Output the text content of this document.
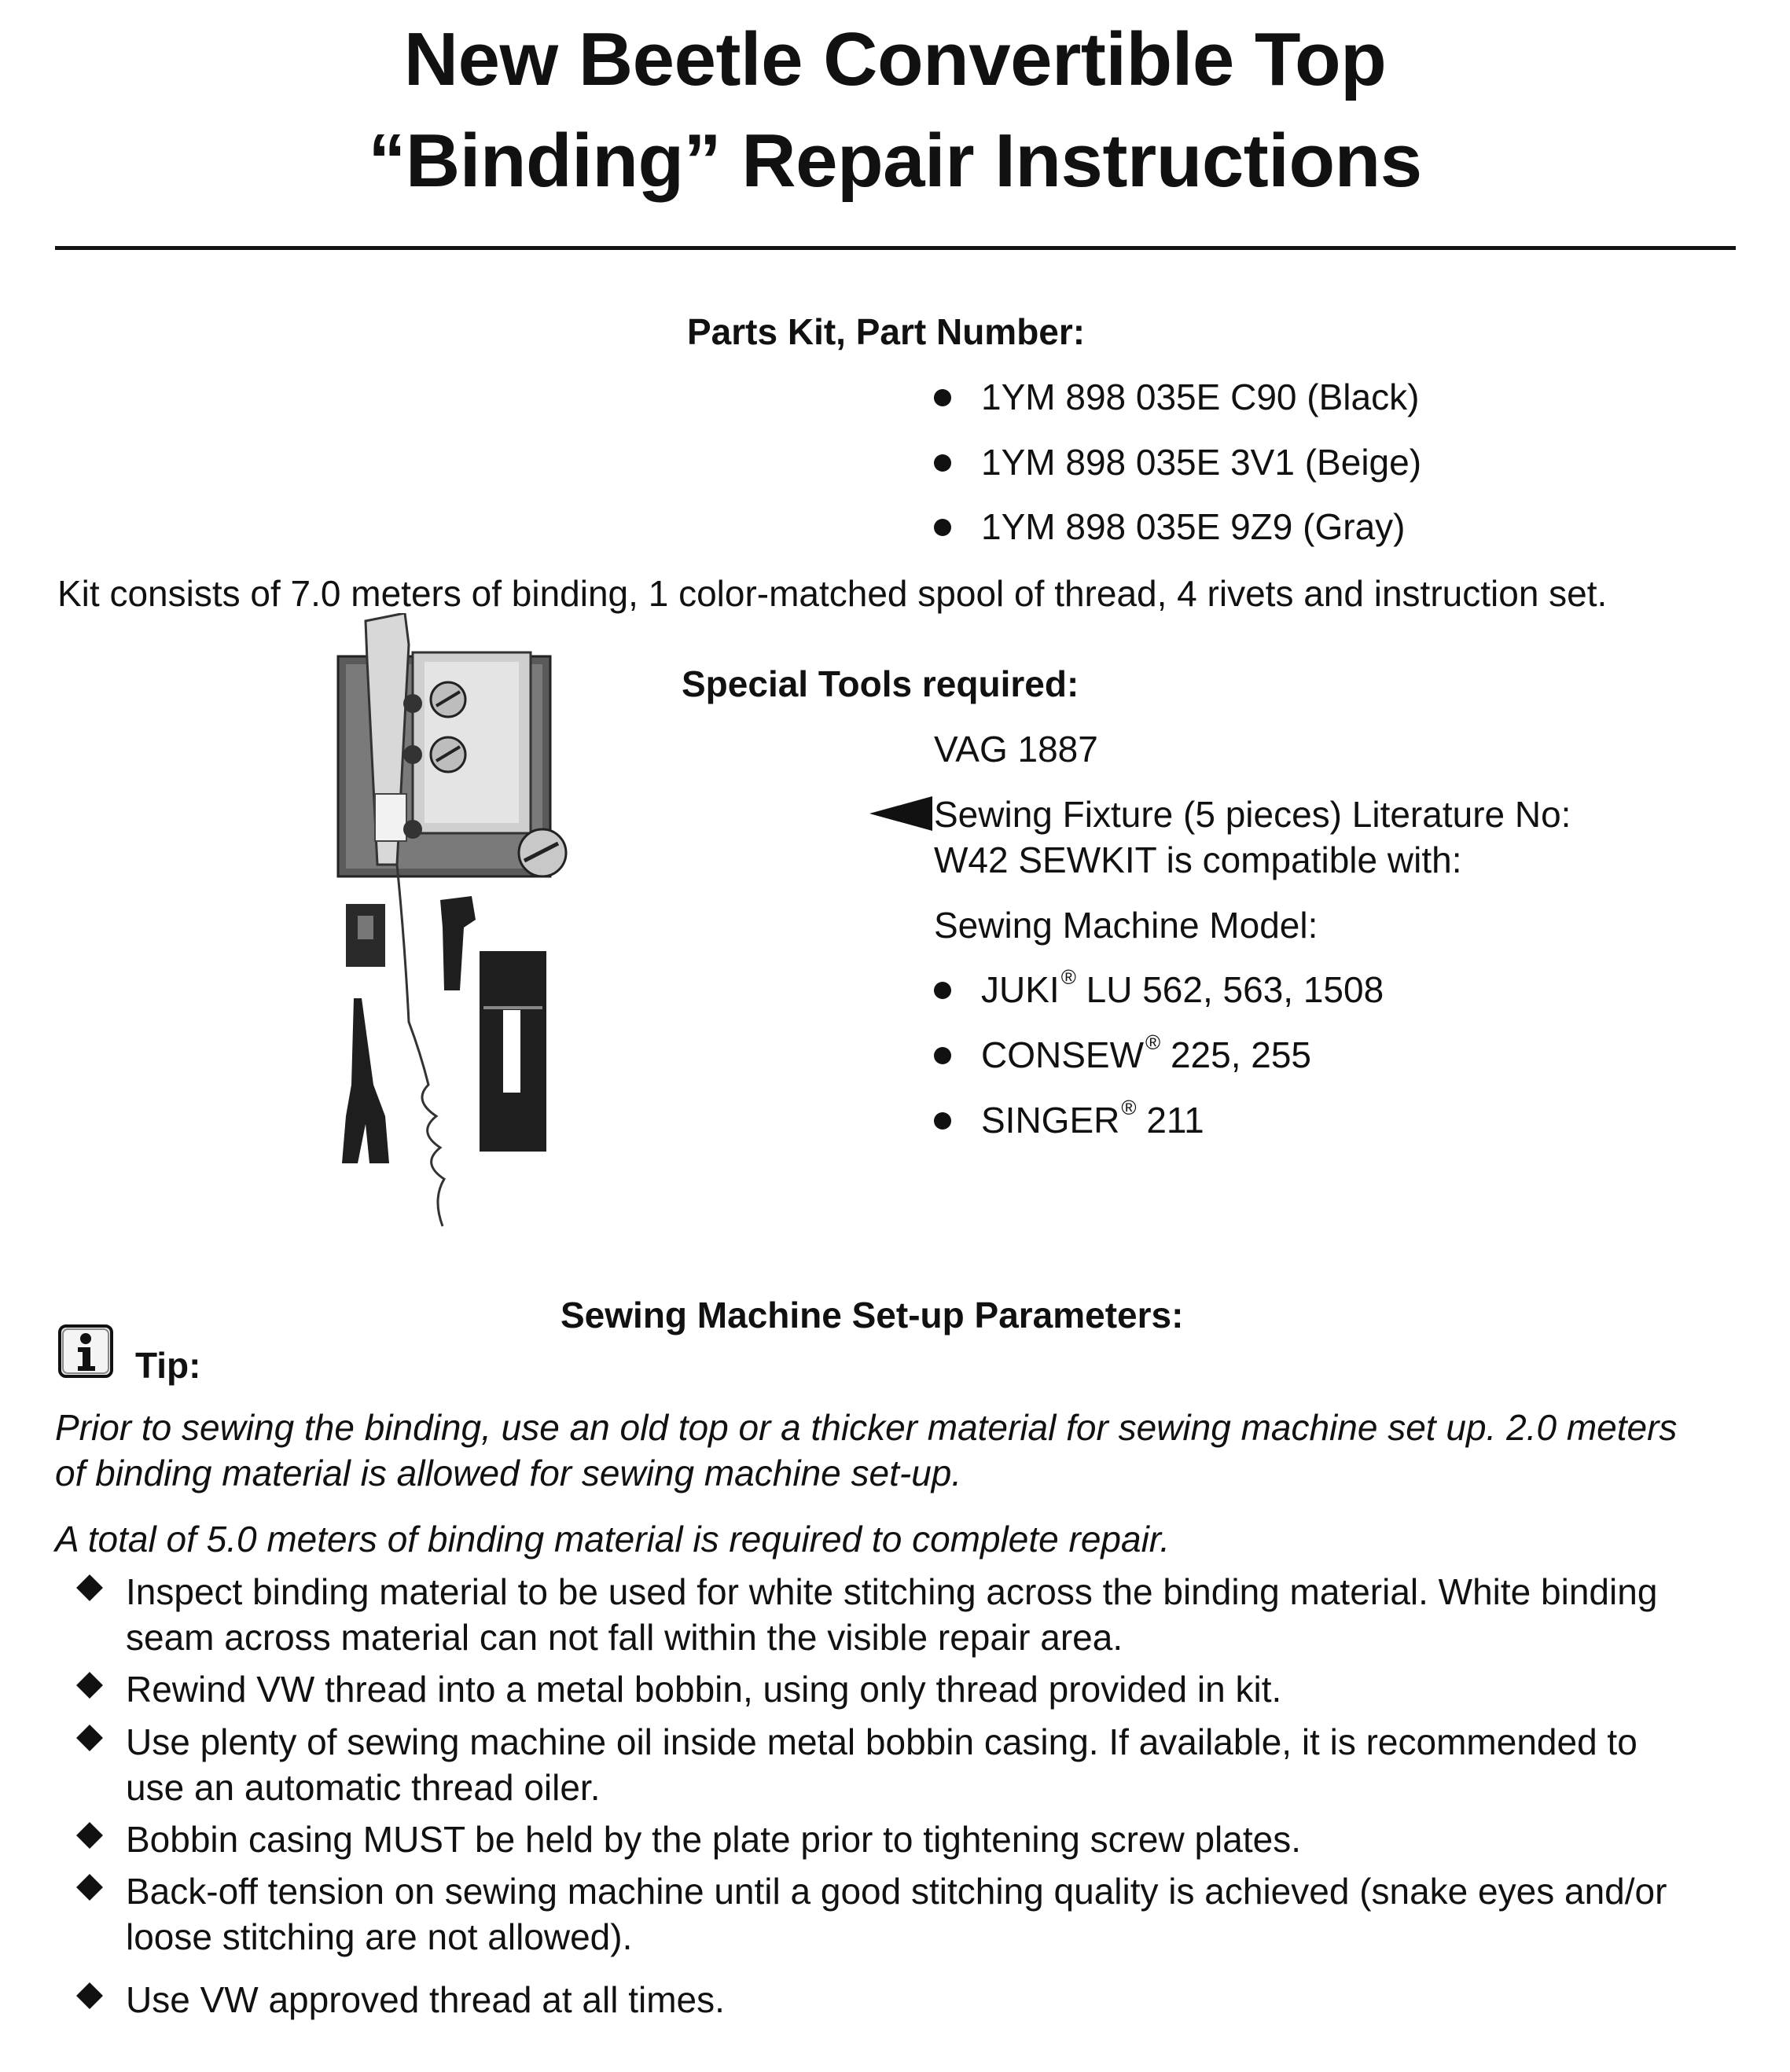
New Beetle Convertible Top
“Binding” Repair Instructions
Parts Kit, Part Number:
1YM 898 035E C90 (Black)
1YM 898 035E 3V1 (Beige)
1YM 898 035E 9Z9 (Gray)
Kit consists of 7.0 meters of binding, 1 color-matched spool of thread, 4 rivets and instruction set.
Special Tools required:
VAG 1887
Sewing Fixture (5 pieces) Literature No:
W42 SEWKIT is compatible with:
Sewing Machine Model:
JUKI® LU 562, 563, 1508
CONSEW® 225, 255
SINGER® 211
Sewing Machine Set-up Parameters:
Tip:
Prior to sewing the binding, use an old top or a thicker material for sewing machine set up. 2.0 meters
of binding material is allowed for sewing machine set-up.
A total of 5.0 meters of binding material is required to complete repair.
Inspect binding material to be used for white stitching across the binding material. White binding
seam across material can not fall within the visible repair area.
Rewind VW thread into a metal bobbin, using only thread provided in kit.
Use plenty of sewing machine oil inside metal bobbin casing. If available, it is recommended to
use an automatic thread oiler.
Bobbin casing MUST be held by the plate prior to tightening screw plates.
Back-off tension on sewing machine until a good stitching quality is achieved (snake eyes and/or
loose stitching are not allowed).
Use VW approved thread at all times.
